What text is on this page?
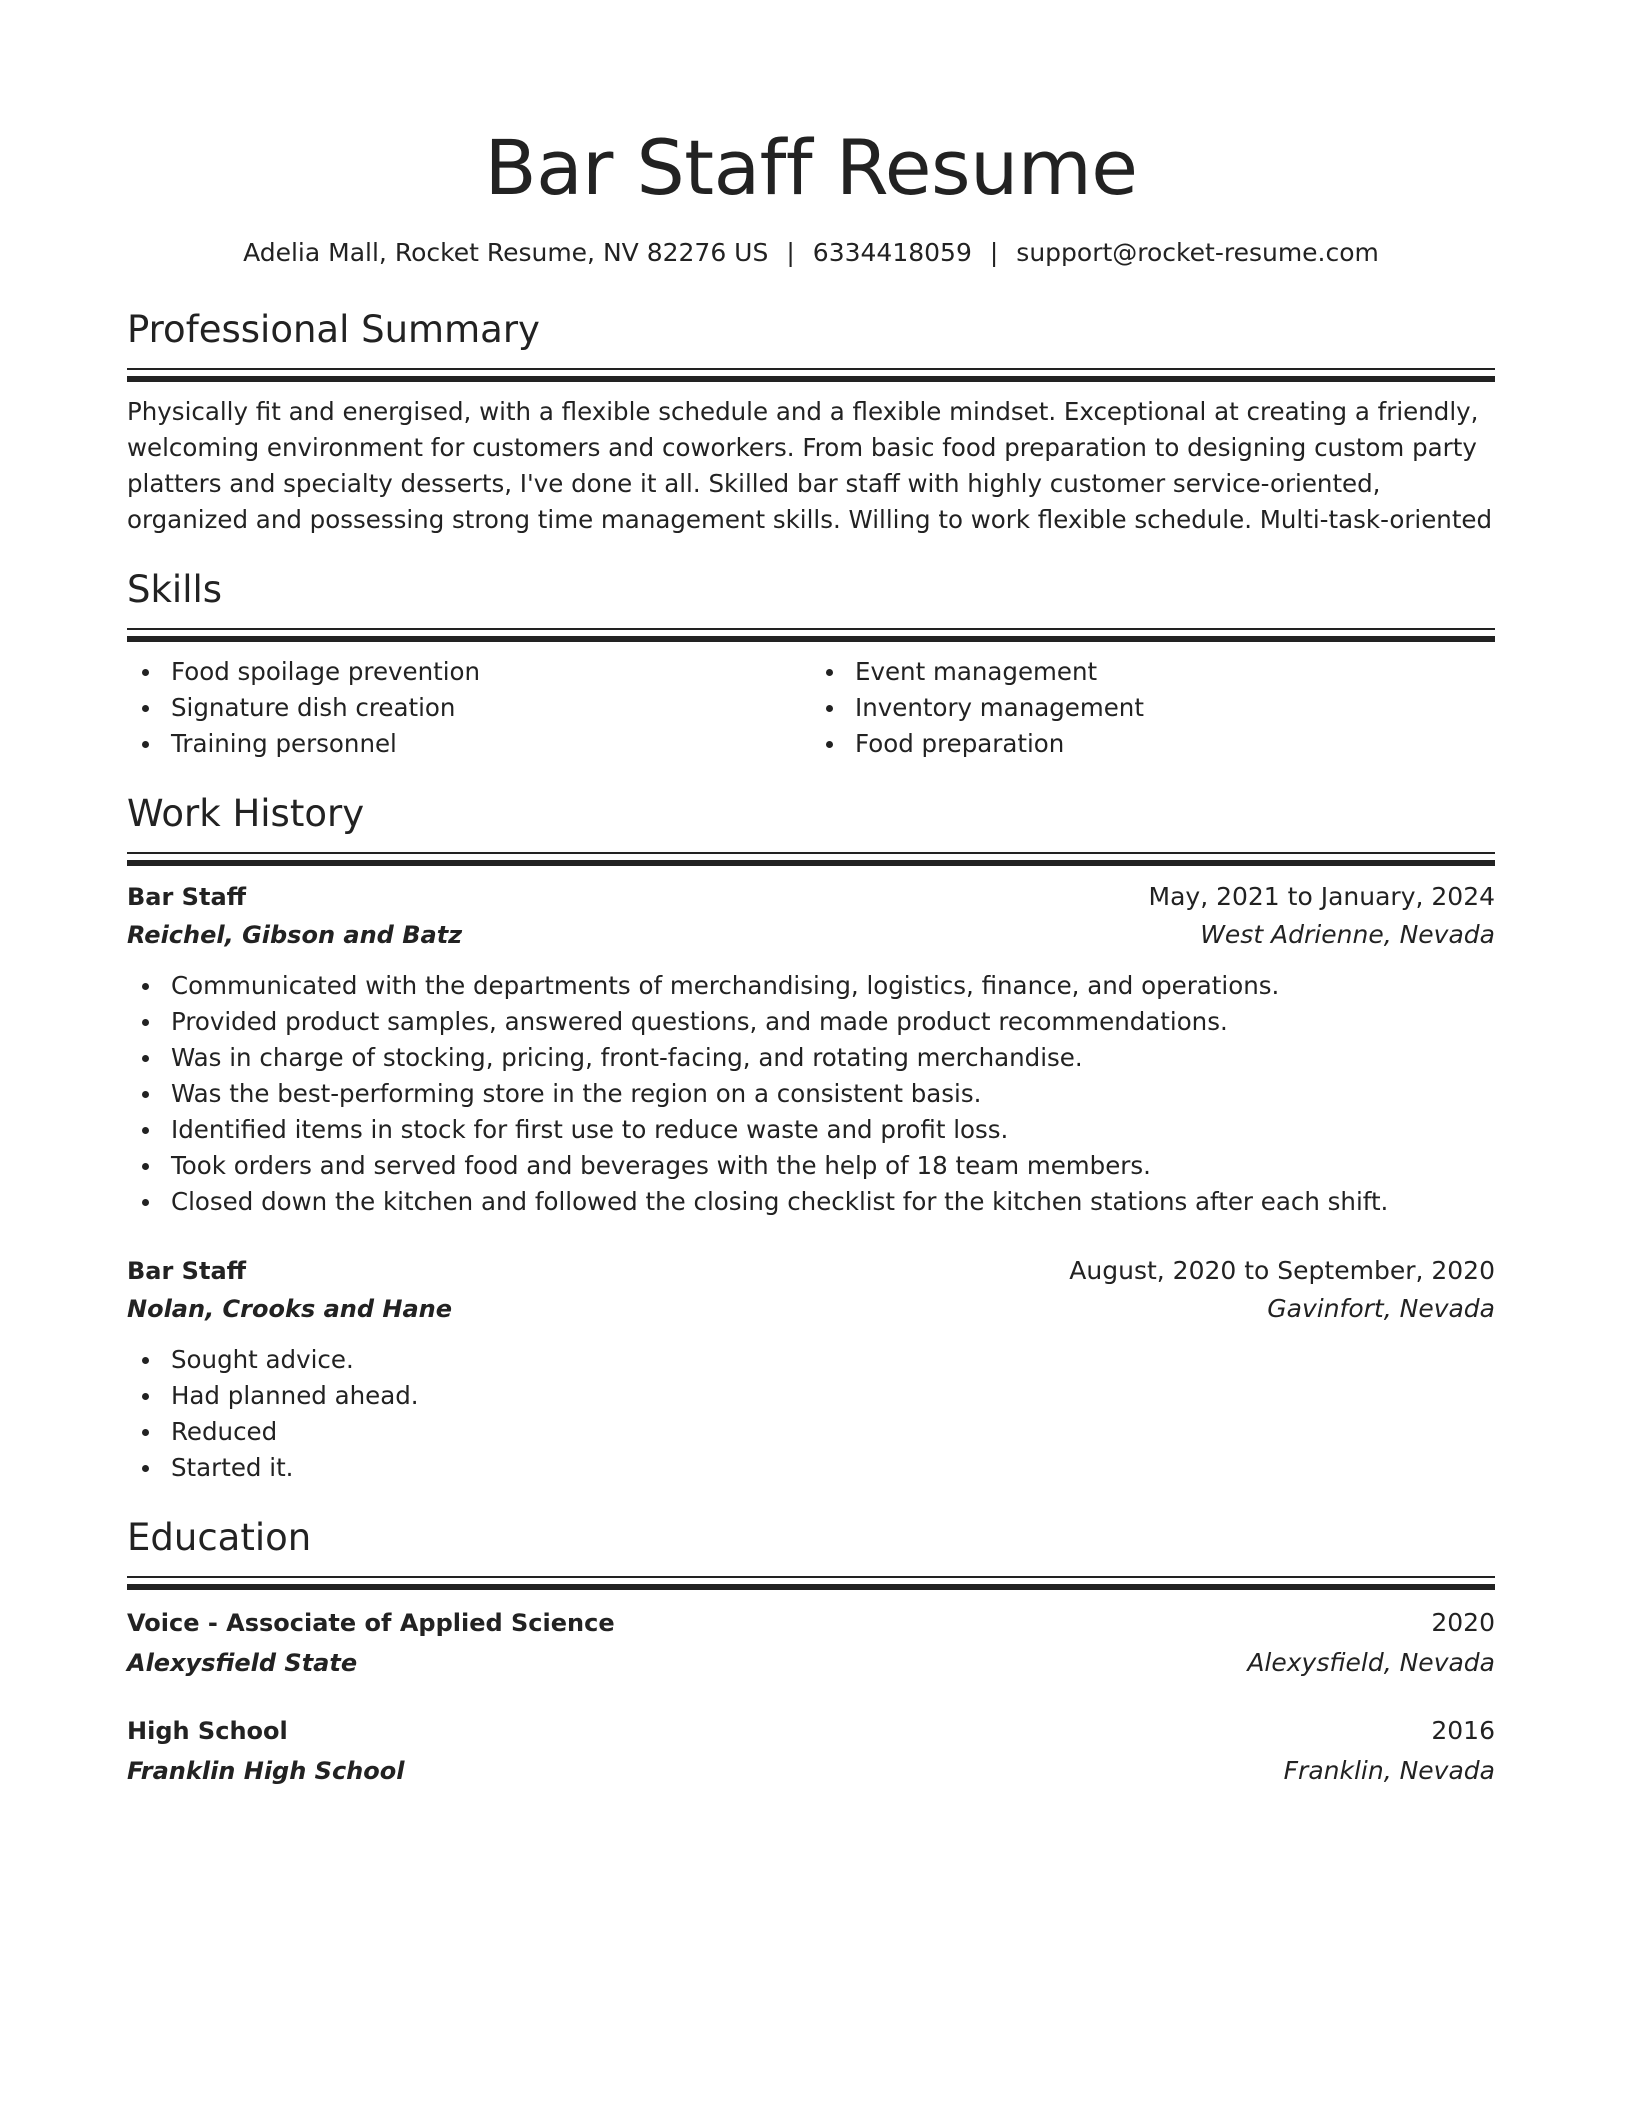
Bar Staff Resume
Adelia Mall, Rocket Resume, NV 82276 US | 6334418059 | support@rocket-resume.com
Professional Summary

Physically fit and energised, with a flexible schedule and a flexible mindset. Exceptional at creating a friendly, welcoming environment for customers and coworkers. From basic food preparation to designing custom party platters and specialty desserts, I've done it all. Skilled bar staff with highly customer service-oriented, organized and possessing strong time management skills. Willing to work flexible schedule. Multi-task-oriented

Skills
Food spoilage prevention
Signature dish creation
Training personnel
Event management
Inventory management
Food preparation
Work History
Bar Staff	May, 2021 to January, 2024
Reichel, Gibson and Batz	West Adrienne, Nevada
Communicated with the departments of merchandising, logistics, finance, and operations.
Provided product samples, answered questions, and made product recommendations.
Was in charge of stocking, pricing, front-facing, and rotating merchandise.
Was the best-performing store in the region on a consistent basis.
Identified items in stock for first use to reduce waste and profit loss.
Took orders and served food and beverages with the help of 18 team members.
Closed down the kitchen and followed the closing checklist for the kitchen stations after each shift.
Bar Staff	August, 2020 to September, 2020
Nolan, Crooks and Hane	Gavinfort, Nevada
Sought advice.
Had planned ahead.
Reduced
Started it.
Education
Voice - Associate of Applied Science	2020
Alexysfield State	Alexysfield, Nevada
High School	2016
Franklin High School	Franklin, Nevada
